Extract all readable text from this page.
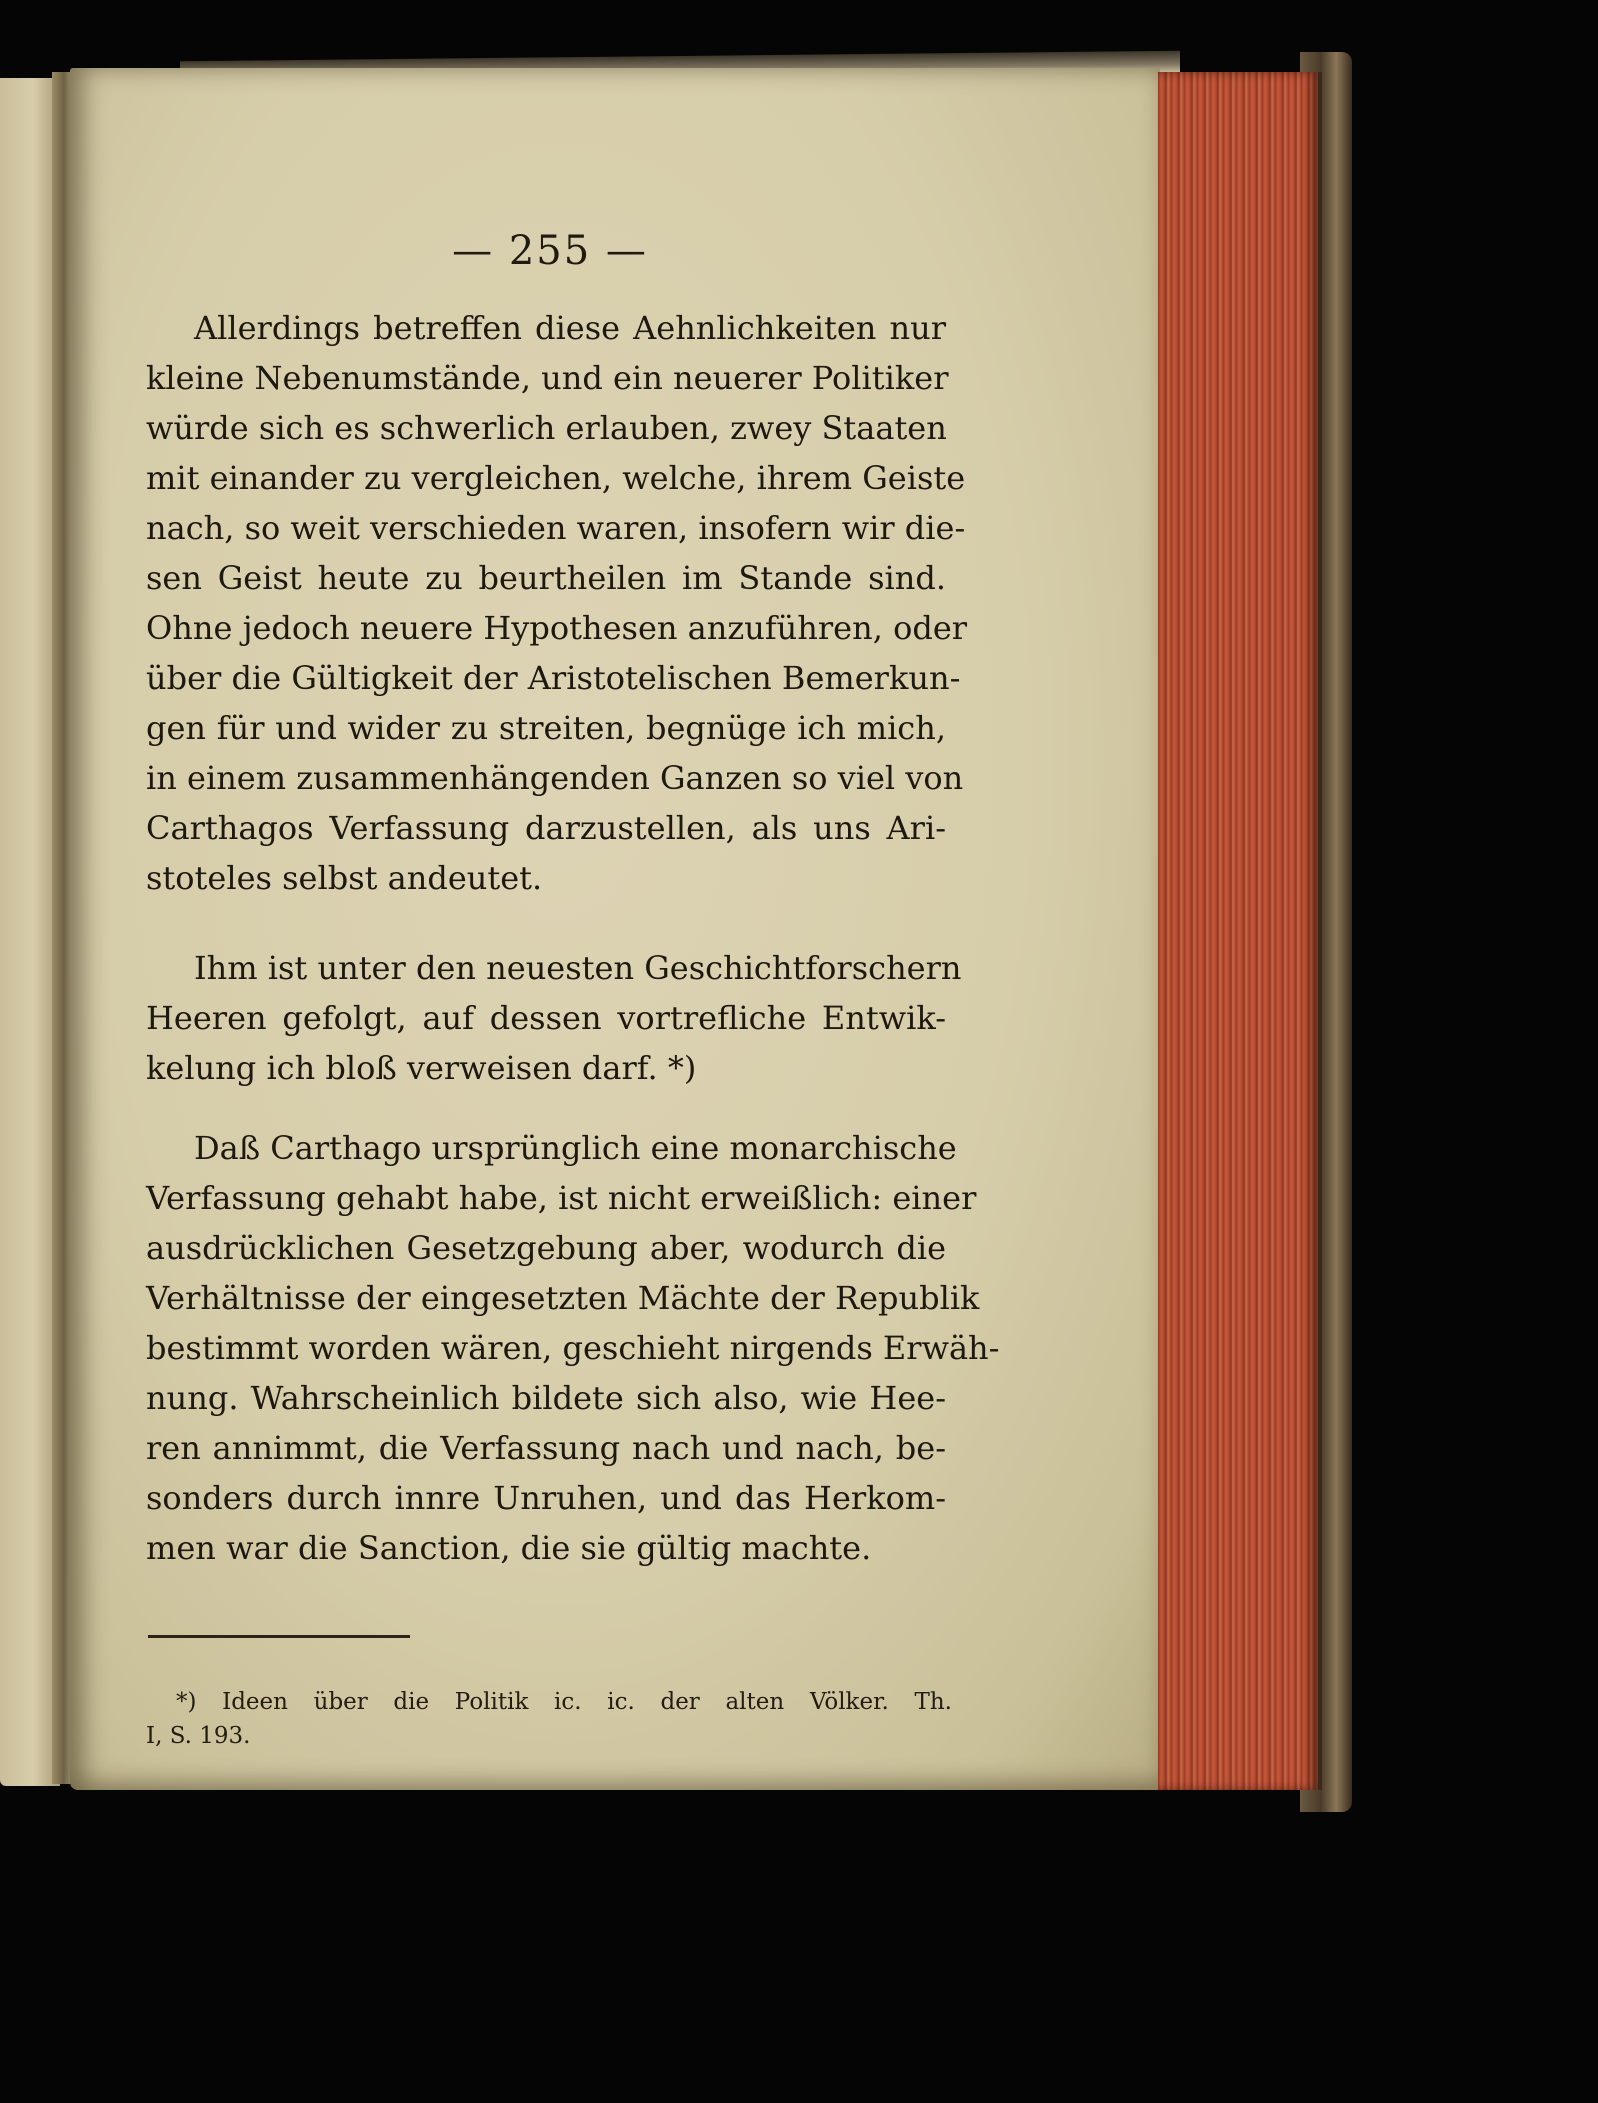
— 255 —
Allerdings betreffen diese Aehnlichkeiten nur
kleine Nebenumstände, und ein neuerer Politiker
würde sich es schwerlich erlauben, zwey Staaten
mit einander zu vergleichen, welche, ihrem Geiste
nach, so weit verschieden waren, insofern wir die-
sen Geist heute zu beurtheilen im Stande sind.
Ohne jedoch neuere Hypothesen anzuführen, oder
über die Gültigkeit der Aristotelischen Bemerkun-
gen für und wider zu streiten, begnüge ich mich,
in einem zusammenhängenden Ganzen so viel von
Carthagos Verfassung darzustellen, als uns Ari-
stoteles selbst andeutet.
Ihm ist unter den neuesten Geschichtforschern
Heeren gefolgt, auf dessen vortrefliche Entwik-
kelung ich bloß verweisen darf. *)
Daß Carthago ursprünglich eine monarchische
Verfassung gehabt habe, ist nicht erweißlich: einer
ausdrücklichen Gesetzgebung aber, wodurch die
Verhältnisse der eingesetzten Mächte der Republik
bestimmt worden wären, geschieht nirgends Erwäh-
nung. Wahrscheinlich bildete sich also, wie Hee-
ren annimmt, die Verfassung nach und nach, be-
sonders durch innre Unruhen, und das Herkom-
men war die Sanction, die sie gültig machte.
*) Ideen über die Politik ic. ic. der alten Völker. Th.
I, S. 193.
